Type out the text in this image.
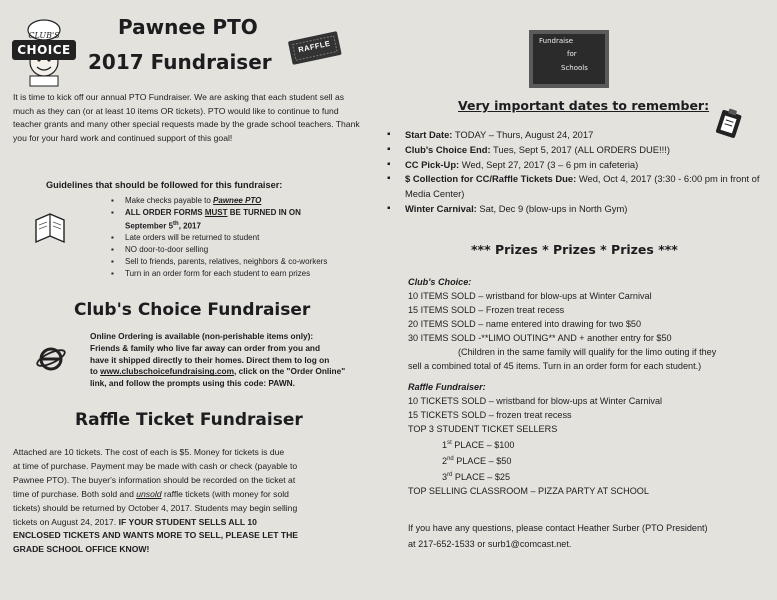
CLUB'S
CHOICE
Pawnee PTO
2017 Fundraiser
RAFFLE
It is time to kick off our annual PTO Fundraiser. We are asking that each student sell as much as they can (or at least 10 items OR tickets). PTO would like to continue to fund teacher grants and many other special requests made by the grade school teachers. Thank you for your hard work and continued support of this goal!
Guidelines that should be followed for this fundraiser:
▪ Make checks payable to Pawnee PTO
▪ ALL ORDER FORMS MUST BE TURNED IN ON
September 5th, 2017
▪ Late orders will be returned to student
▪ NO door-to-door selling
▪ Sell to friends, parents, relatives, neighbors & co-workers
▪ Turn in an order form for each student to earn prizes
Club's Choice Fundraiser
Online Ordering is available (non-perishable items only):
Friends & family who live far away can order from you and
have it shipped directly to their homes. Direct them to log on
to www.clubschoicefundraising.com, click on the "Order Online"
link, and follow the prompts using this code: PAWN.
Raffle Ticket Fundraiser
Attached are 10 tickets. The cost of each is $5. Money for tickets is due
at time of purchase. Payment may be made with cash or check (payable to
Pawnee PTO). The buyer's information should be recorded on the ticket at
time of purchase. Both sold and unsold raffle tickets (with money for sold
tickets) should be returned by October 4, 2017. Students may begin selling
tickets on August 24, 2017. IF YOUR STUDENT SELLS ALL 10
ENCLOSED TICKETS AND WANTS MORE TO SELL, PLEASE LET THE
GRADE SCHOOL OFFICE KNOW!
Fundraise
for
Schools
Very important dates to remember:
▪ Start Date: TODAY – Thurs, August 24, 2017
▪ Club's Choice End: Tues, Sept 5, 2017 (ALL ORDERS DUE!!!)
▪ CC Pick-Up: Wed, Sept 27, 2017 (3 – 6 pm in cafeteria)
▪ $ Collection for CC/Raffle Tickets Due: Wed, Oct 4, 2017 (3:30 - 6:00 pm in front of Media Center)
▪ Winter Carnival: Sat, Dec 9 (blow-ups in North Gym)
*** Prizes * Prizes * Prizes ***
Club's Choice:
10 ITEMS SOLD – wristband for blow-ups at Winter Carnival
15 ITEMS SOLD – Frozen treat recess
20 ITEMS SOLD – name entered into drawing for two $50
30 ITEMS SOLD -**LIMO OUTING** AND + another entry for $50
(Children in the same family will qualify for the limo outing if they
sell a combined total of 45 items. Turn in an order form for each student.)
Raffle Fundraiser:
10 TICKETS SOLD – wristband for blow-ups at Winter Carnival
15 TICKETS SOLD – frozen treat recess
TOP 3 STUDENT TICKET SELLERS
1st PLACE – $100
2nd PLACE – $50
3rd PLACE – $25
TOP SELLING CLASSROOM – PIZZA PARTY AT SCHOOL
If you have any questions, please contact Heather Surber (PTO President)
at 217-652-1533 or surb1@comcast.net.
